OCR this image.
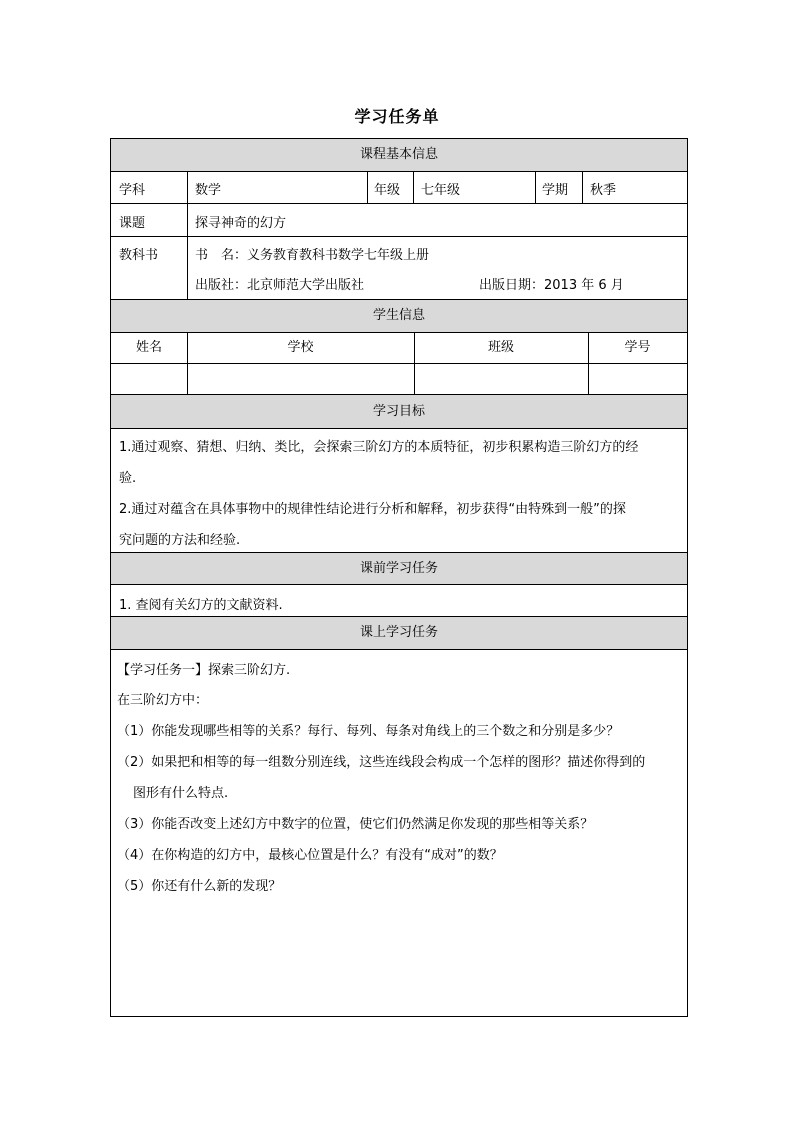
学习任务单
课程基本信息
学科	数学	年级 七年级	学期 秋季
课题	探寻神奇的幻方
教科书	书　名：义务教育教科书数学七年级上册
出版社：北京师范大学出版社	出版日期：2013 年 6 月
学生信息
姓名	学校	班级	学号
学习目标
1.通过观察、猜想、归纳、类比，会探索三阶幻方的本质特征，初步积累构造三阶幻方的经
验.
2.通过对蕴含在具体事物中的规律性结论进行分析和解释，初步获得“由特殊到一般”的探
究问题的方法和经验.
课前学习任务
1. 查阅有关幻方的文献资料.
课上学习任务
【学习任务一】探索三阶幻方.
在三阶幻方中：
（1）你能发现哪些相等的关系？每行、每列、每条对角线上的三个数之和分别是多少？
（2）如果把和相等的每一组数分别连线，这些连线段会构成一个怎样的图形？描述你得到的
图形有什么特点.
（3）你能否改变上述幻方中数字的位置，使它们仍然满足你发现的那些相等关系？
（4）在你构造的幻方中，最核心位置是什么？有没有“成对”的数？
（5）你还有什么新的发现？
